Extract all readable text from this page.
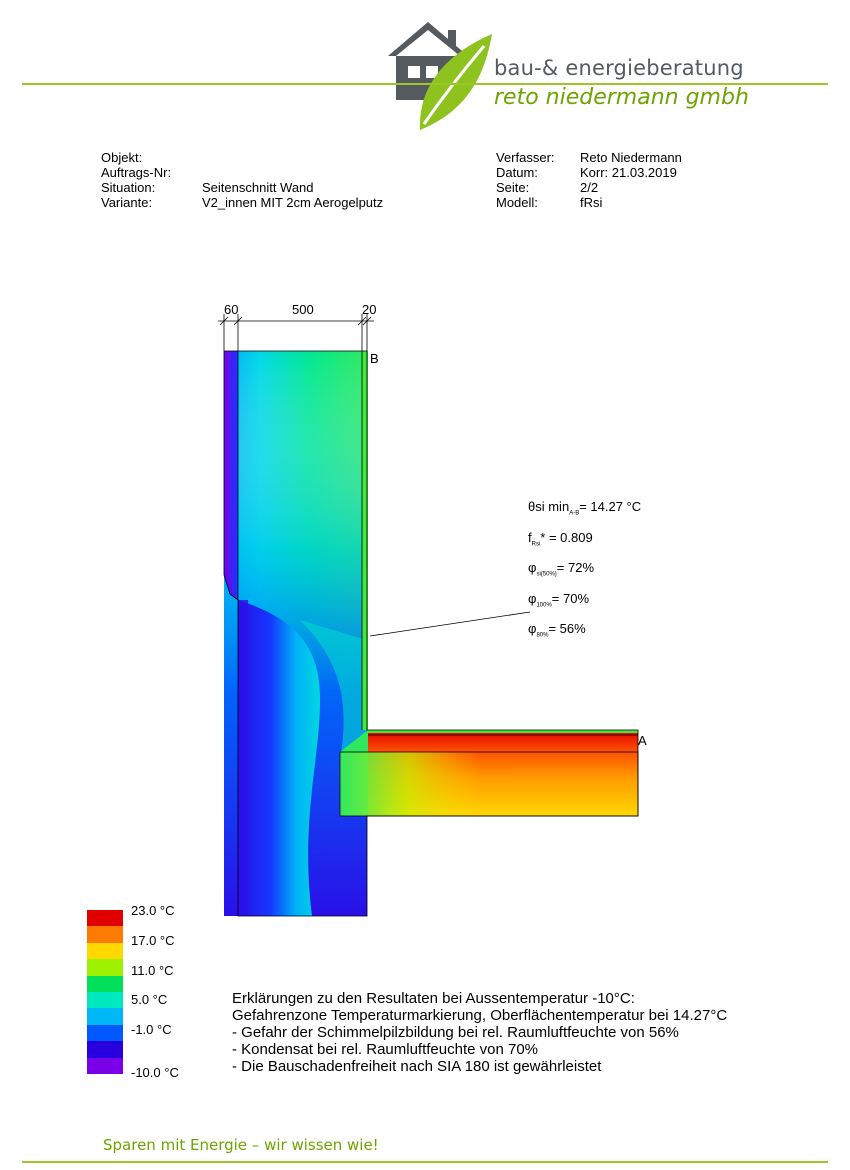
bau-& energieberatung
reto niedermann gmbh
Objekt:
Auftrags-Nr:
Situation:
Variante:
Seitenschnitt Wand
V2_innen MIT 2cm Aerogelputz
Verfasser:
Datum:
Seite:
Modell:
Reto Niedermann
Korr: 21.03.2019
2/2
fRsi
60	500	20
B
A
θsi $\min_{A-B}= 14.27$ °C
$f_{Rsi}* = 0.809$
$\varphi_{si(50\%)}= 72\%$
$\varphi_{100\%}= 70\%$
$\varphi_{80\%}= 56\%$
23.0 °C
17.0 °C
11.0 °C
5.0 °C
-1.0 °C
-10.0 °C
Erklärungen zu den Resultaten bei Aussentemperatur -10°C:
Gefahrenzone Temperaturmarkierung, Oberflächentemperatur bei 14.27°C
- Gefahr der Schimmelpilzbildung bei rel. Raumluftfeuchte von 56%
- Kondensat bei rel. Raumluftfeuchte von 70%
- Die Bauschadenfreiheit nach SIA 180 ist gewährleistet
Sparen mit Energie – wir wissen wie!
